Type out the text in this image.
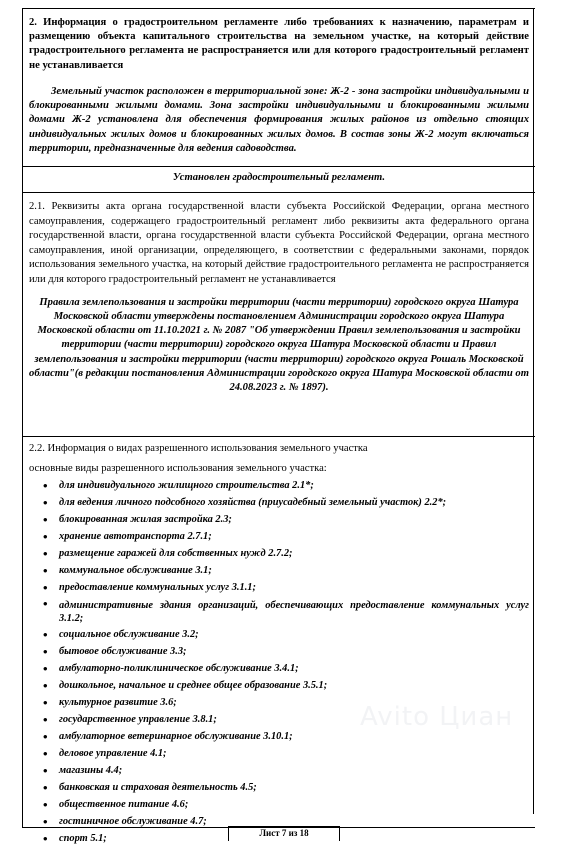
2. Информация о градостроительном регламенте либо требованиях к назначению, параметрам и размещению объекта капитального строительства на земельном участке, на который действие градостроительного регламента не распространяется или для которого градостроительный регламент не устанавливается

Земельный участок расположен в территориальной зоне: Ж-2 - зона застройки индивидуальными и блокированными жилыми домами. Зона застройки индивидуальными и блокированными жилыми домами Ж-2 установлена для обеспечения формирования жилых районов из отдельно стоящих индивидуальных жилых домов и блокированных жилых домов. В состав зоны Ж-2 могут включаться территории, предназначенные для ведения садоводства.

Установлен градостроительный регламент.

2.1. Реквизиты акта органа государственной власти субъекта Российской Федерации, органа местного самоуправления, содержащего градостроительный регламент либо реквизиты акта федерального органа государственной власти, органа государственной власти субъекта Российской Федерации, органа местного самоуправления, иной организации, определяющего, в соответствии с федеральными законами, порядок использования земельного участка, на который действие градостроительного регламента не распространяется или для которого градостроительный регламент не устанавливается

Правила землепользования и застройки территории (части территории) городского округа Шатура Московской области утверждены постановлением Администрации городского округа Шатура Московской области от 11.10.2021 г. № 2087 "Об утверждении Правил землепользования и застройки территории (части территории) городского округа Шатура Московской области и Правил землепользования и застройки территории (части территории) городского округа Рошаль Московской области"(в редакции постановления Администрации городского округа Шатура Московской области от 24.08.2023 г. № 1897).

2.2. Информация о видах разрешенного использования земельного участка

основные виды разрешенного использования земельного участка:

• для индивидуального жилищного строительства 2.1*;
• для ведения личного подсобного хозяйства (приусадебный земельный участок) 2.2*;
• блокированная жилая застройка 2.3;
• хранение автотранспорта 2.7.1;
• размещение гаражей для собственных нужд 2.7.2;
• коммунальное обслуживание 3.1;
• предоставление коммунальных услуг 3.1.1;
• административные здания организаций, обеспечивающих предоставление коммунальных услуг 3.1.2;
• социальное обслуживание 3.2;
• бытовое обслуживание 3.3;
• амбулаторно-поликлиническое обслуживание 3.4.1;
• дошкольное, начальное и среднее общее образование 3.5.1;
• культурное развитие 3.6;
• государственное управление 3.8.1;
• амбулаторное ветеринарное обслуживание 3.10.1;
• деловое управление 4.1;
• магазины 4.4;
• банковская и страховая деятельность 4.5;
• общественное питание 4.6;
• гостиничное обслуживание 4.7;
• спорт 5.1;	Лист 7 из 18
Avito Циан
